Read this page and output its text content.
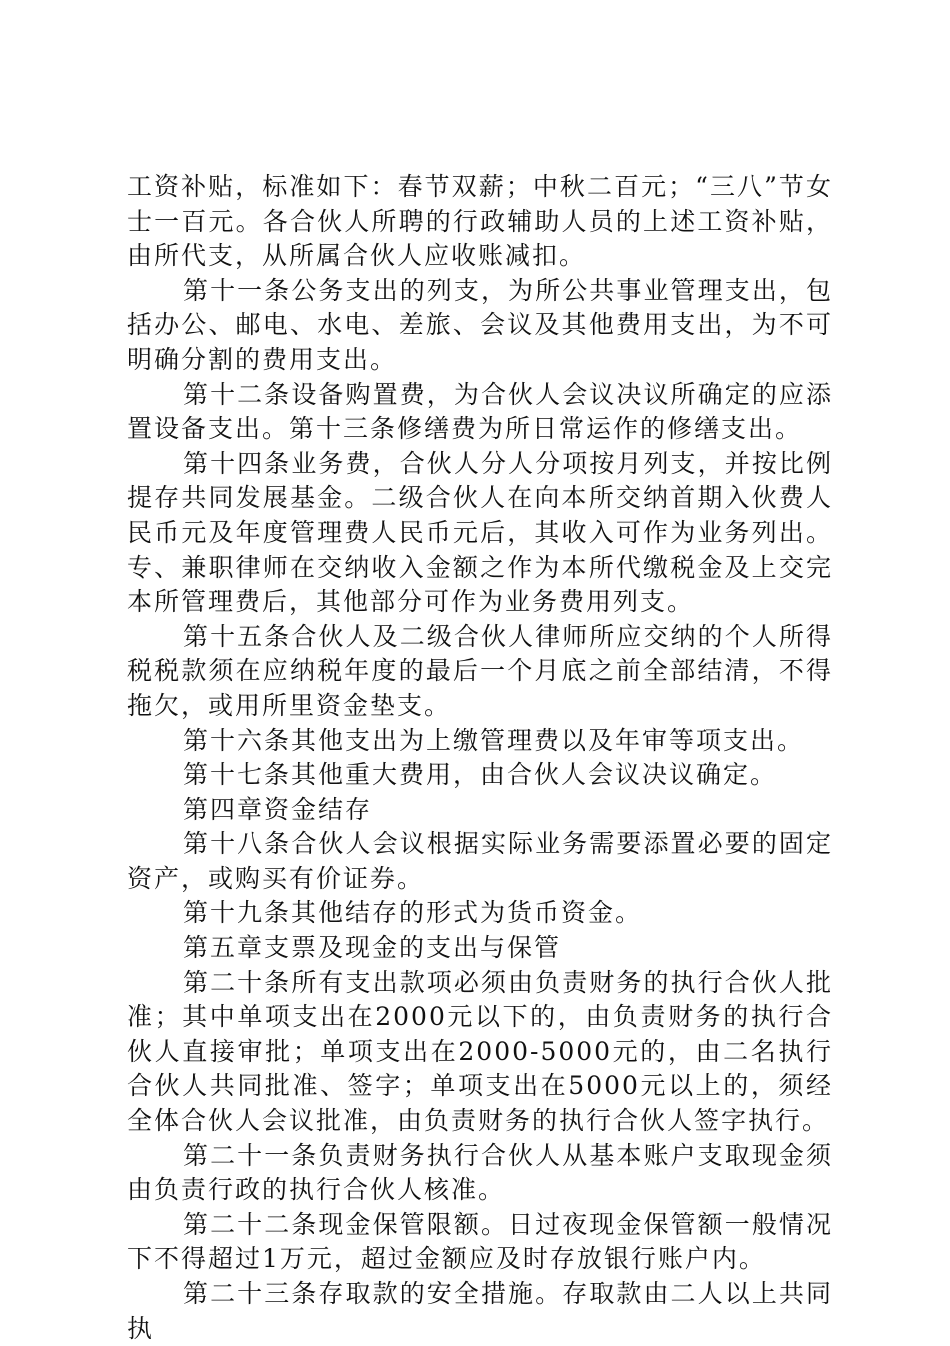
工资补贴，标准如下：春节双薪；中秋二百元；“三八”节女士一百元。各合伙人所聘的行政辅助人员的上述工资补贴，由所代支，从所属合伙人应收账减扣。

第十一条公务支出的列支，为所公共事业管理支出，包括办公、邮电、水电、差旅、会议及其他费用支出，为不可明确分割的费用支出。

第十二条设备购置费，为合伙人会议决议所确定的应添置设备支出。第十三条修缮费为所日常运作的修缮支出。

第十四条业务费，合伙人分人分项按月列支，并按比例提存共同发展基金。二级合伙人在向本所交纳首期入伙费人民币元及年度管理费人民币元后，其收入可作为业务列出。专、兼职律师在交纳收入金额之作为本所代缴税金及上交完本所管理费后，其他部分可作为业务费用列支。

第十五条合伙人及二级合伙人律师所应交纳的个人所得税税款须在应纳税年度的最后一个月底之前全部结清，不得拖欠，或用所里资金垫支。

第十六条其他支出为上缴管理费以及年审等项支出。

第十七条其他重大费用，由合伙人会议决议确定。

第四章资金结存

第十八条合伙人会议根据实际业务需要添置必要的固定资产，或购买有价证券。

第十九条其他结存的形式为货币资金。

第五章支票及现金的支出与保管

第二十条所有支出款项必须由负责财务的执行合伙人批准；其中单项支出在2000元以下的，由负责财务的执行合伙人直接审批；单项支出在2000-5000元的，由二名执行合伙人共同批准、签字；单项支出在5000元以上的，须经全体合伙人会议批准，由负责财务的执行合伙人签字执行。

第二十一条负责财务执行合伙人从基本账户支取现金须由负责行政的执行合伙人核准。

第二十二条现金保管限额。日过夜现金保管额一般情况下不得超过1万元，超过金额应及时存放银行账户内。

第二十三条存取款的安全措施。存取款由二人以上共同执
